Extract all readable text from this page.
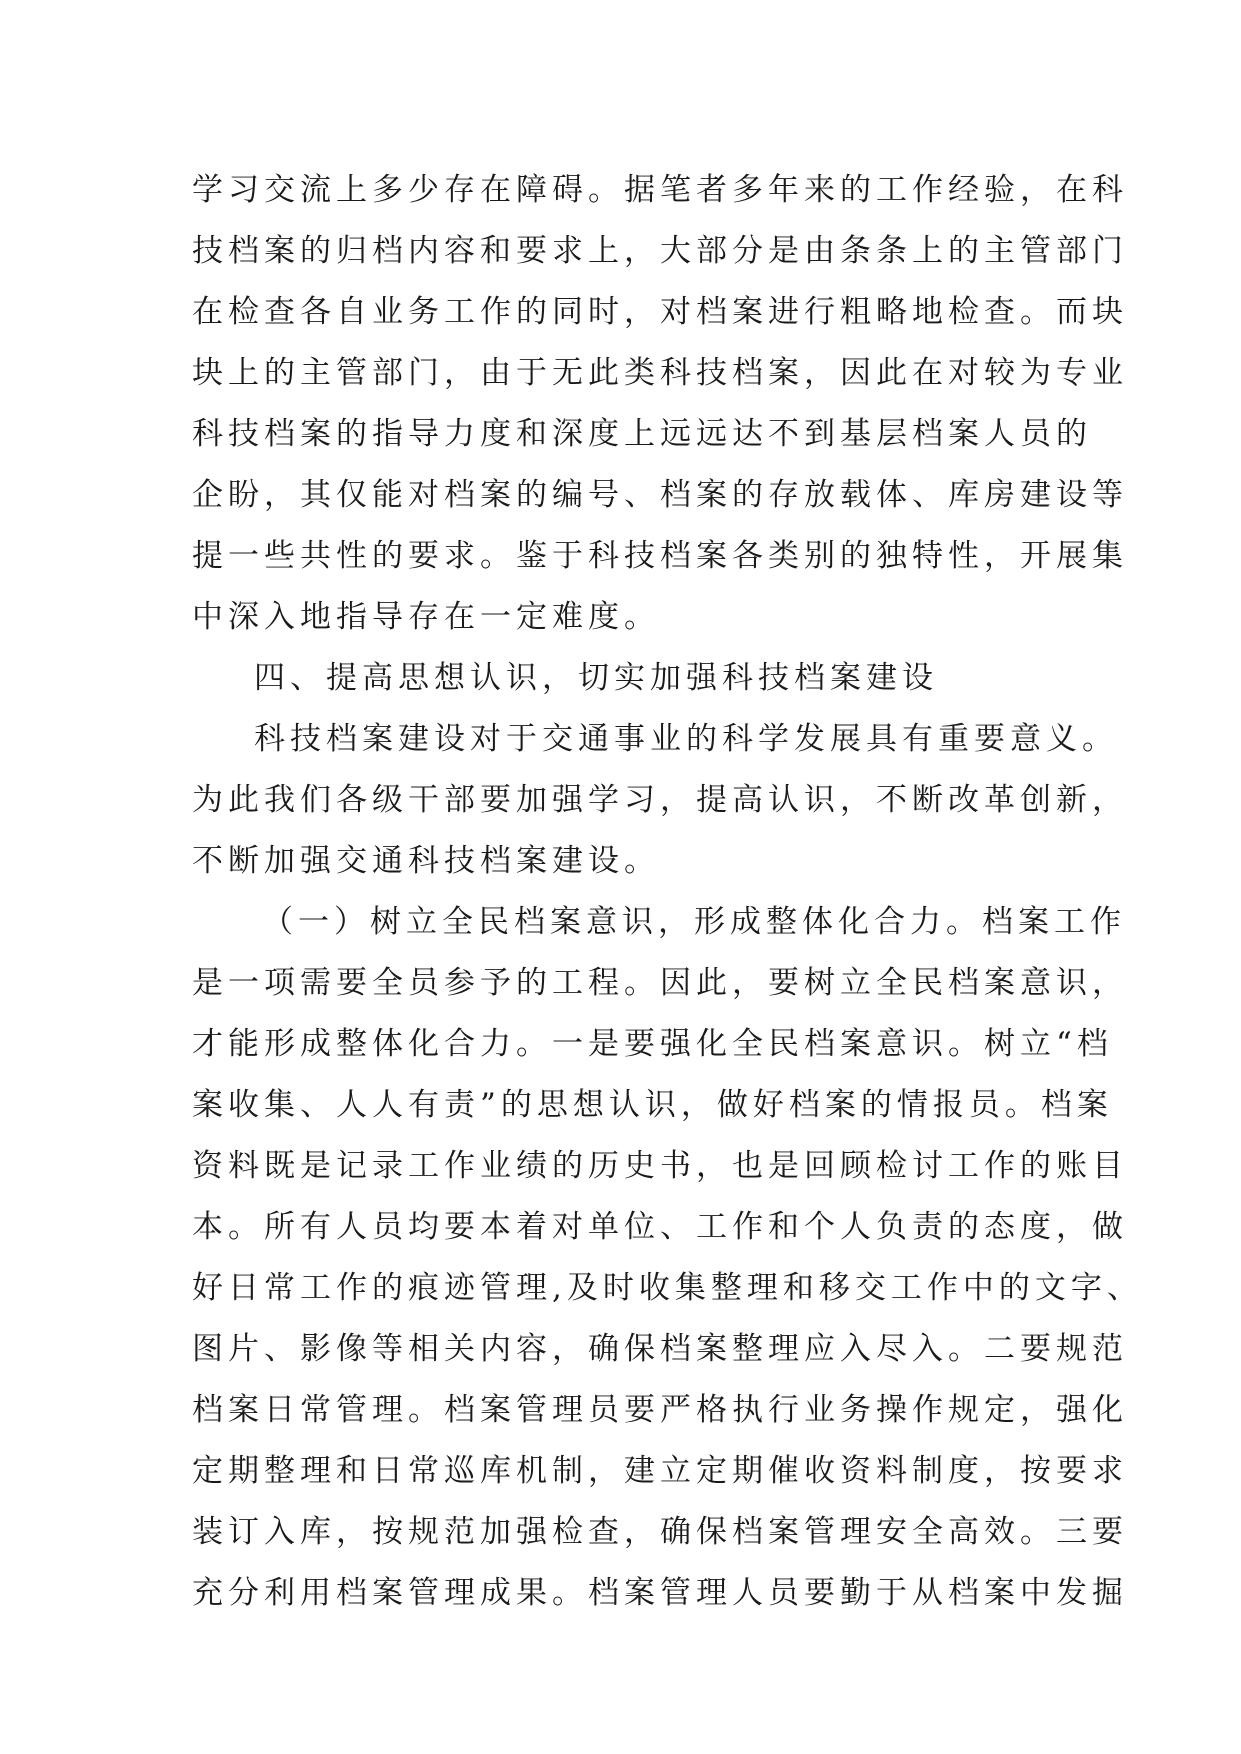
学习交流上多少存在障碍。据笔者多年来的工作经验，在科
技档案的归档内容和要求上，大部分是由条条上的主管部门
在检查各自业务工作的同时，对档案进行粗略地检查。而块
块上的主管部门，由于无此类科技档案，因此在对较为专业
科技档案的指导力度和深度上远远达不到基层档案人员的
企盼，其仅能对档案的编号、档案的存放载体、库房建设等
提一些共性的要求。鉴于科技档案各类别的独特性，开展集
中深入地指导存在一定难度。
四、提高思想认识，切实加强科技档案建设
科技档案建设对于交通事业的科学发展具有重要意义。
为此我们各级干部要加强学习，提高认识，不断改革创新，
不断加强交通科技档案建设。
（一）树立全民档案意识，形成整体化合力。档案工作
是一项需要全员参予的工程。因此，要树立全民档案意识，
才能形成整体化合力。一是要强化全民档案意识。树立“档
案收集、人人有责”的思想认识，做好档案的情报员。档案
资料既是记录工作业绩的历史书，也是回顾检讨工作的账目
本。所有人员均要本着对单位、工作和个人负责的态度，做
好日常工作的痕迹管理,及时收集整理和移交工作中的文字、
图片、影像等相关内容，确保档案整理应入尽入。二要规范
档案日常管理。档案管理员要严格执行业务操作规定，强化
定期整理和日常巡库机制，建立定期催收资料制度，按要求
装订入库，按规范加强检查，确保档案管理安全高效。三要
充分利用档案管理成果。档案管理人员要勤于从档案中发掘
